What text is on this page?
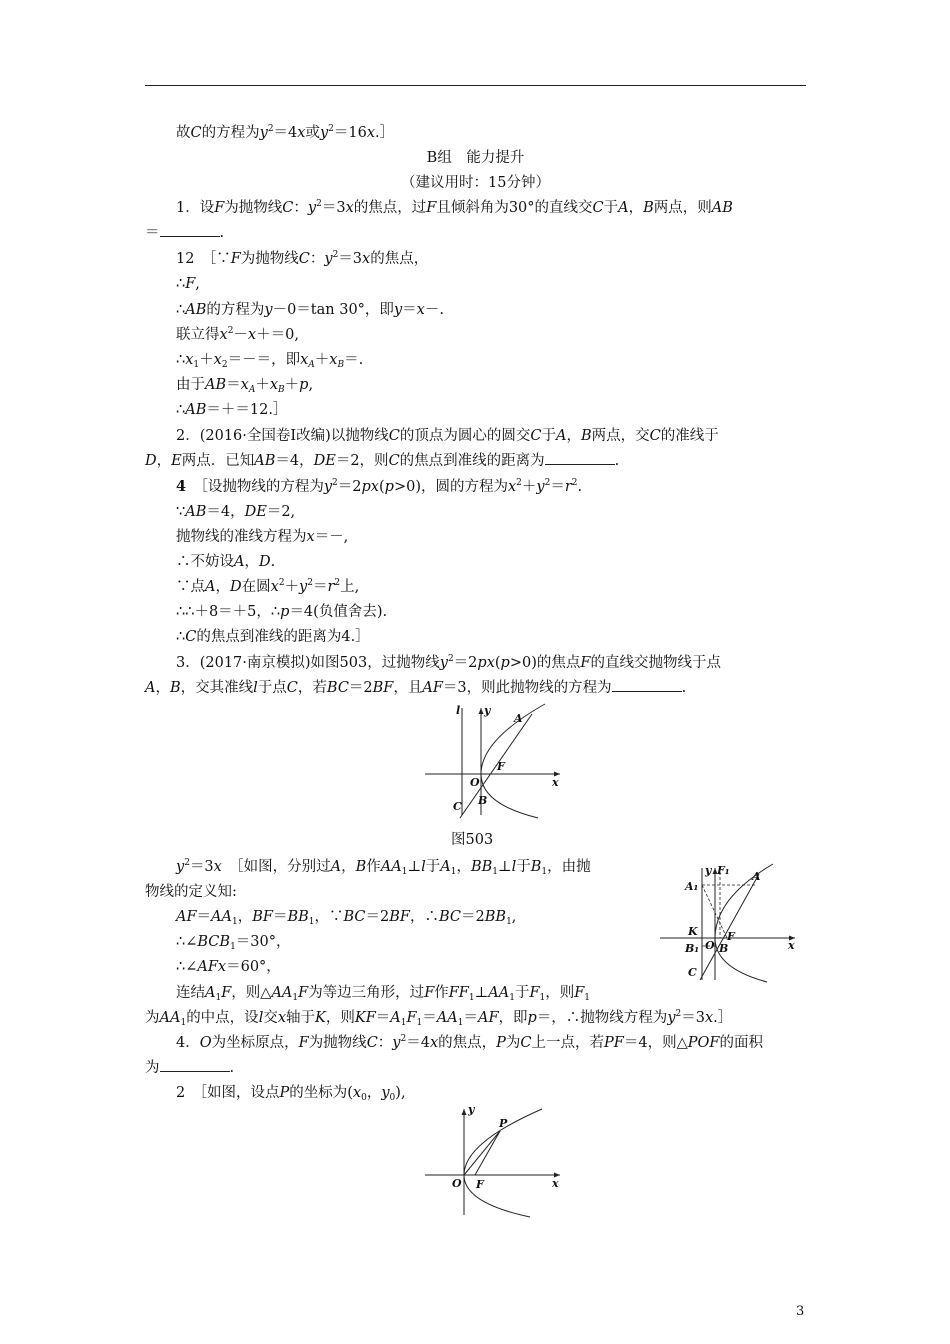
故C的方程为$y^2=4x$或$y^2=16x.]$
B组　能力提升
（建议用时：15分钟）
1．设F为抛物线C：$y^2=3x$的焦点，过F且倾斜角为30°的直线交C于A，B两点，则AB
＝	.
12　［∵F为抛物线C：$y^2=3x$的焦点，
∴F,
∴AB的方程为y－0＝tan 30°，即y＝x－.
联立得$x^2-x+=0$,
$\therefore x_1+x_2=-=$，即$x_A+x_B=$.
由于$AB=x_A+x_B+p$,
∴AB＝＋＝12.］
2．(2016·全国卷Ⅰ改编)以抛物线C的顶点为圆心的圆交C于A，B两点，交C的准线于
D，E两点．已知AB＝4，DE＝2，则C的焦点到准线的距离为	.
4　［设抛物线的方程为$y^2=2px(p>0)$，圆的方程为$x^2+y^2=r^2$.
∵AB＝4，DE＝2,
抛物线的准线方程为x＝－,
∴不妨设A，D.
∵点A，D在圆$x^2+y^2=r^2$上,
∴∴＋8＝＋5，∴p＝4(负值舍去).
∴C的焦点到准线的距离为4.］
3．(2017·南京模拟)如图503，过抛物线$y^2=2px(p>0)$的焦点F的直线交抛物线于点
A，B，交其准线l于点C，若BC＝2BF，且AF＝3，则此抛物线的方程为	.
l y
A
F
O	x
C B
图503
$y^2=3x$　［如图，分别过A，B作$AA_1\perp l$于$A_1$，$BB_1\perp l$于$B_1$，由抛
物线的定义知:
$AF=AA_1$，$BF=BB_1$，∵BC＝2BF，$\therefore BC=2BB_1$,
$\therefore\angle BCB_1=30^\circ$，
∴∠AFx＝60°，
连结$A_1F$，则$\triangle AA_1F$为等边三角形，过F作$FF_1\perp AA_1$于$F_1$，则$F_1$
为$AA_1$的中点，设l交x轴于K，则$KF=A_1F_1=AA_1=AF$，即p＝，∴抛物线方程为$y^2=3x.]$
y F₁ A
A₁
K
B₁ O
F
B	x
C
4．O为坐标原点，F为抛物线C：$y^2=4x$的焦点，P为C上一点，若PF＝4，则△POF的面积
为	.
2　［如图，设点P的坐标为($x_0$，$y_0$),
y
P
O F	x
3
